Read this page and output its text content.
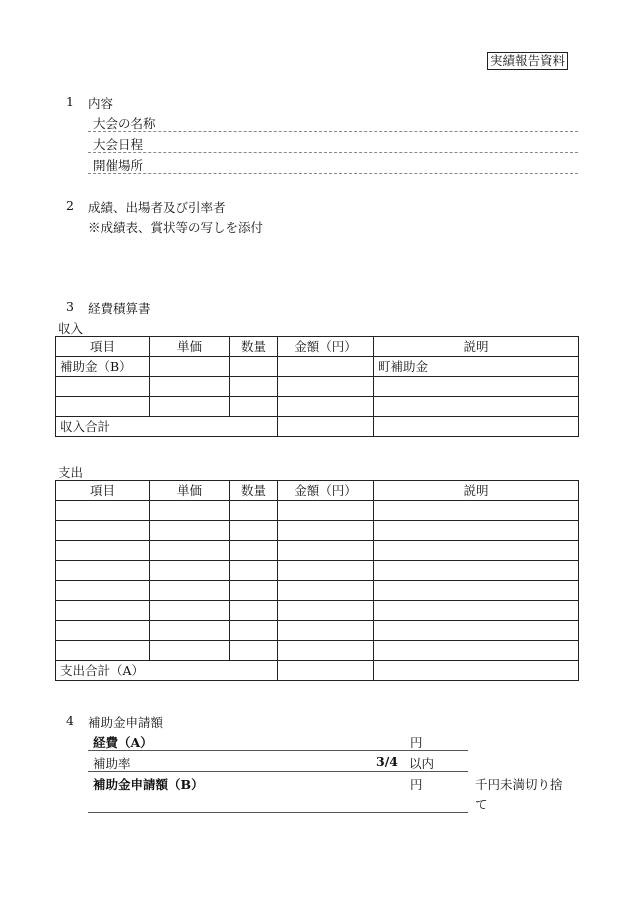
実績報告資料
1 内容
大会の名称
大会日程
開催場所
2 成績、出場者及び引率者
※成績表、賞状等の写しを添付
3 経費積算書
収入
項目	単価	数量	金額（円）	説明
補助金（B）				町補助金

収入合計				
支出
項目	単価	数量	金額（円）	説明

支出合計（A）				
4 補助金申請額
経費（A）	円
補助率	3/4 以内
補助金申請額（B）	円	千円未満切り捨
て
